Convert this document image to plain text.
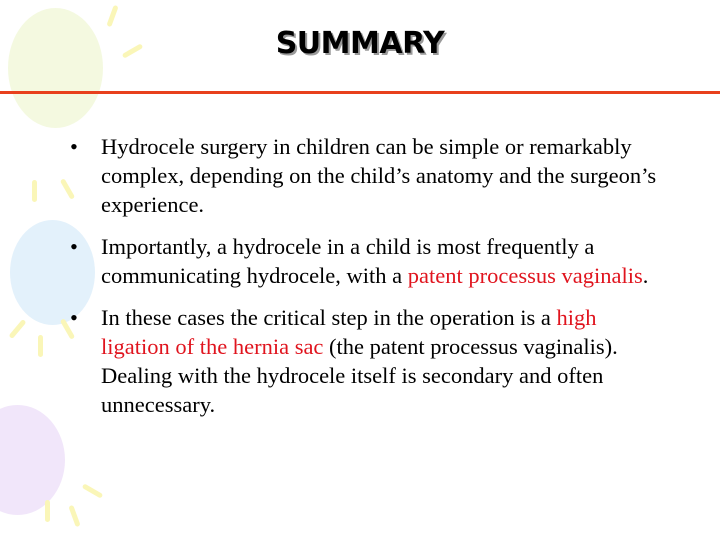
SUMMARY
• Hydrocele surgery in children can be simple or remarkably complex, depending on the child’s anatomy and the surgeon’s experience.
• Importantly, a hydrocele in a child is most frequently a communicating hydrocele, with a patent processus vaginalis.
• In these cases the critical step in the operation is a high ligation of the hernia sac (the patent processus vaginalis). Dealing with the hydrocele itself is secondary and often unnecessary.
